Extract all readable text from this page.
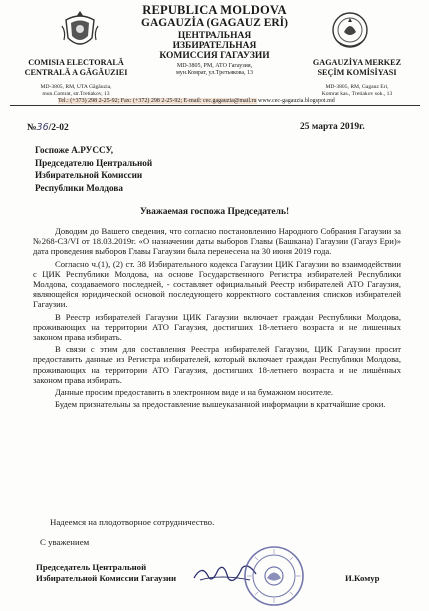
REPUBLICA MOLDOVA
GAGAUZİA (GAGAUZ ERİ)
ЦЕНТРАЛЬНАЯ
ИЗБИРАТЕЛЬНАЯ
КОМИССИЯ ГАГАУЗИИ
MD-3805, РМ, АТО Гагаузия,
мун.Комрат, ул.Третьякова, 13
COMISIA ELECTORALĂ
CENTRALĂ A GĂGĂUZIEI
MD-3805, RM, UTA Găgăuzia,
mun.Comrat, str.Tretiakov, 13
GAGAUZİYA MERKEZ
SEÇİM KOMİSİYASI
MD-3805, RM, Gagauz Eri,
Komrat kas., Tretiakov sok., 13
Tel.: (+373) 298 2-25-92; Fax: (+372) 298 2-25-92; E-mail: cec.gagauzia@mail.ru www.cec-gagauzia.blogspot.md
№36/2-02	25 марта 2019г.
Госпоже А.РУССУ,
Председателю Центральной
Избирательной Комиссии
Республики Молдова
Уважаемая госпожа Председатель!

Доводим до Вашего сведения, что согласно постановлению Народного Собрания Гагаузии за №268-СЗ/VI от 18.03.2019г. «О назначении даты выборов Главы (Башкана) Гагаузии (Гагауз Ери)» дата проведения выборов Главы Гагаузии была перенесена на 30 июня 2019 года.

Согласно ч.(1), (2) ст. 38 Избирательного кодекса Гагаузии ЦИК Гагаузии во взаимодействии с ЦИК Республики Молдова, на основе Государственного Регистра избирателей Республики Молдова, создаваемого последней, - составляет официальный Реестр избирателей АТО Гагаузия, являющейся юридической основой последующего корректного составления списков избирателей Гагаузии.

В Реестр избирателей Гагаузии ЦИК Гагаузии включает граждан Республики Молдова, проживающих на территории АТО Гагаузия, достигших 18-летнего возраста и не лишенных законом права избирать.

В связи с этим для составления Реестра избирателей Гагаузии, ЦИК Гагаузии просит предоставить данные из Регистра избирателей, который включает граждан Республики Молдова, проживающих на территории АТО Гагаузия, достигших 18-летнего возраста и не лишённых законом права избирать.

Данные просим предоставить в электронном виде и на бумажном носителе.

Будем признательны за предоставление вышеуказанной информации в кратчайшие сроки.

Надеемся на плодотворное сотрудничество.
С уважением
Председатель Центральной
Избирательной Комиссии Гагаузии	И.Комур
